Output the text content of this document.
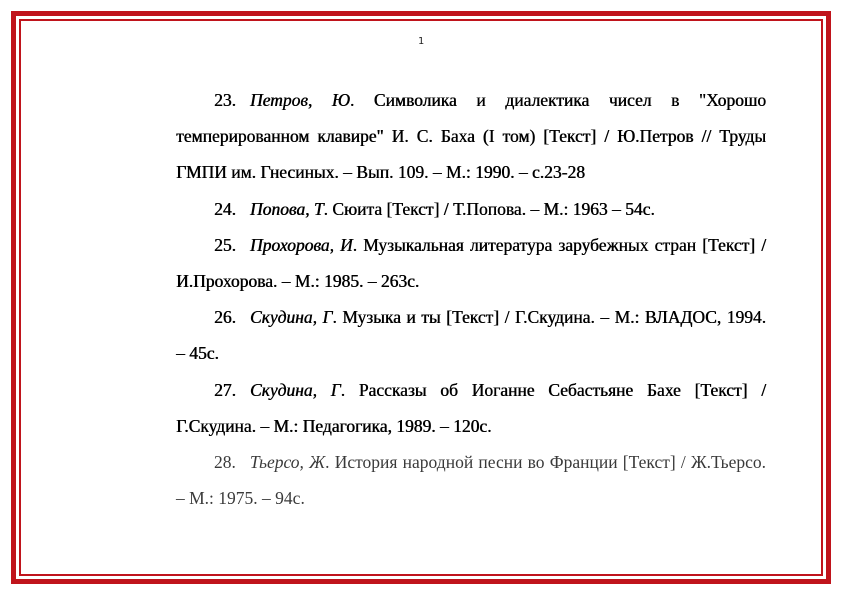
1

23. Петров, Ю. Символика и диалектика чисел в "Хорошо темперированном клавире" И. С. Баха (I том) [Текст] / Ю.Петров // Труды ГМПИ им. Гнесиных. – Вып. 109. – М.: 1990. – с.23-28

24. Попова, Т. Сюита [Текст] / Т.Попова. – М.: 1963 – 54с.

25. Прохорова, И. Музыкальная литература зарубежных стран [Текст] / И.Прохорова. – М.: 1985. – 263с.

26. Скудина, Г. Музыка и ты [Текст] / Г.Скудина. – М.: ВЛАДОС, 1994. – 45с.

27. Скудина, Г. Рассказы об Иоганне Себастьяне Бахе [Текст] / Г.Скудина. – М.: Педагогика, 1989. – 120с.

28. Тьерсо, Ж. История народной песни во Франции [Текст] / Ж.Тьерсо. – М.: 1975. – 94с.
